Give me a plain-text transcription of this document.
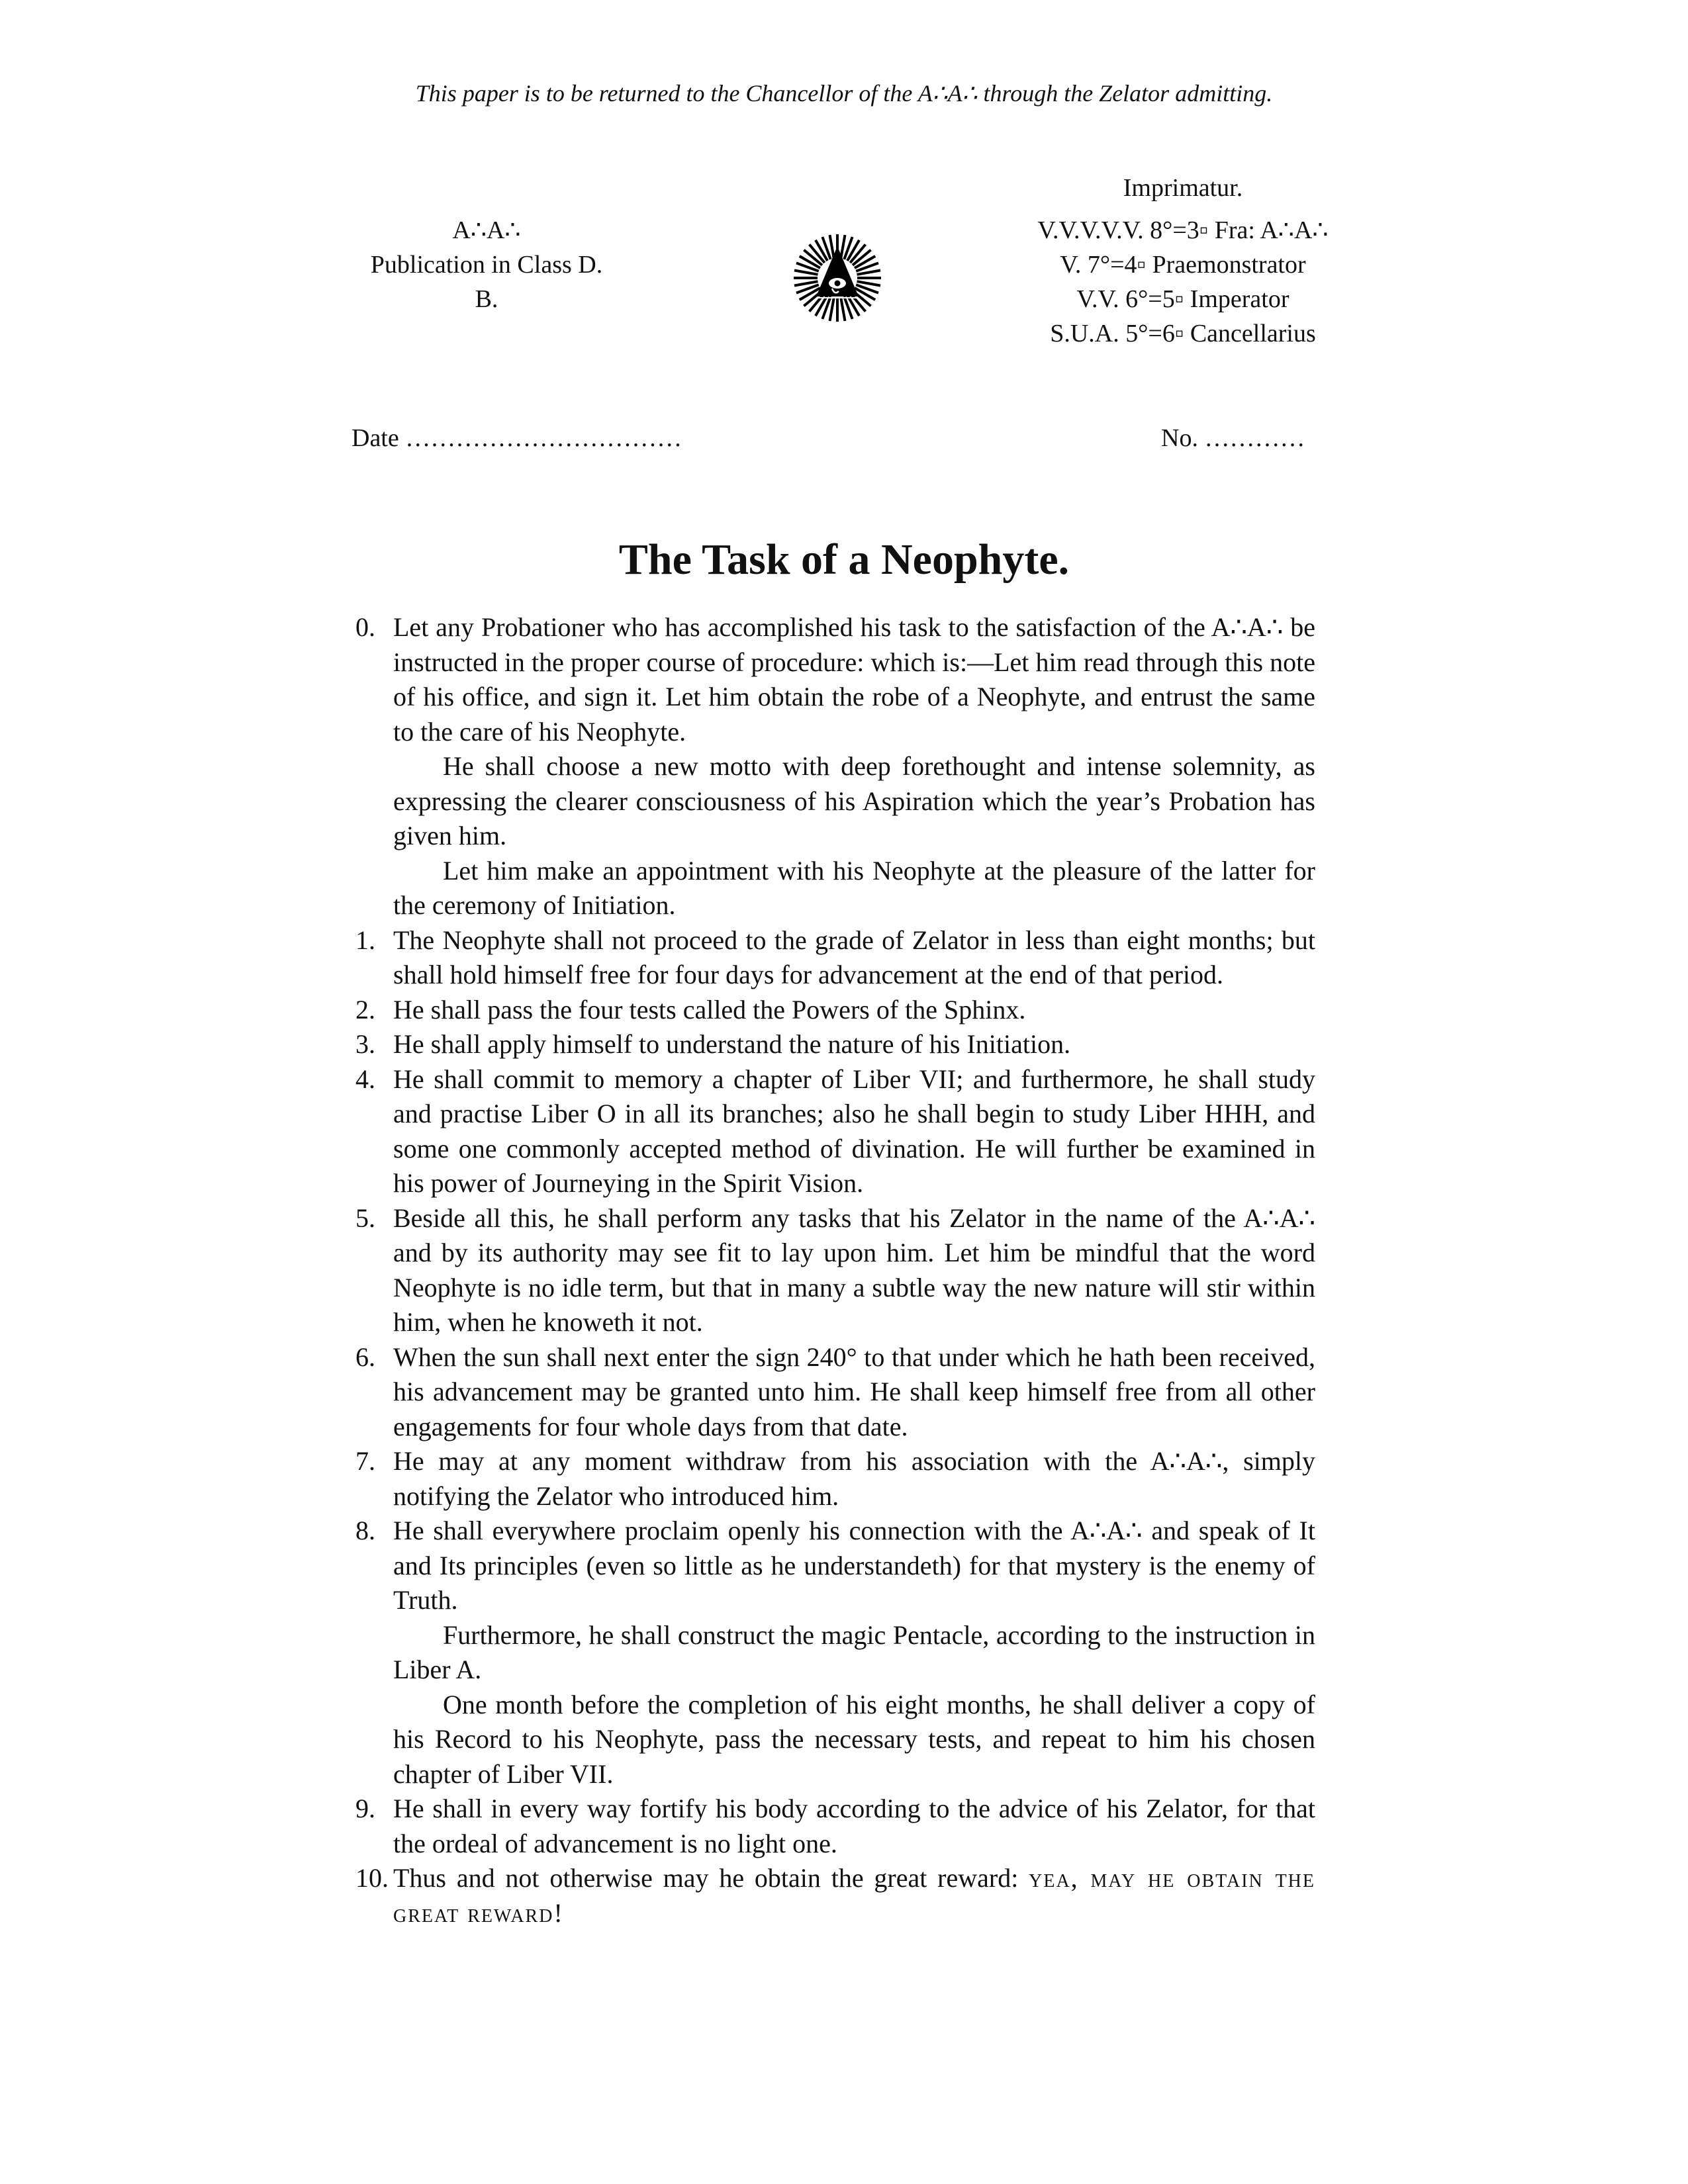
This paper is to be returned to the Chancellor of the A∴A∴ through the Zelator admitting.
A∴A∴
Publication in Class D.
B.
Imprimatur.
V.V.V.V.V. 8°=3▫ Fra: A∴A∴
V. 7°=4▫ Praemonstrator
V.V. 6°=5▫ Imperator
S.U.A. 5°=6▫ Cancellarius
Date ……………………………	No. …………
The Task of a Neophyte.
0. Let any Probationer who has accomplished his task to the satisfaction of the A∴A∴ be instructed in the proper course of procedure: which is:—Let him read through this note of his office, and sign it. Let him obtain the robe of a Neophyte, and entrust the same to the care of his Neophyte.

He shall choose a new motto with deep forethought and intense solemnity, as expressing the clearer consciousness of his Aspiration which the year’s Probation has given him.

Let him make an appointment with his Neophyte at the pleasure of the latter for the ceremony of Initiation.

1. The Neophyte shall not proceed to the grade of Zelator in less than eight months; but shall hold himself free for four days for advancement at the end of that period.

2. He shall pass the four tests called the Powers of the Sphinx.

3. He shall apply himself to understand the nature of his Initiation.

4. He shall commit to memory a chapter of Liber VII; and furthermore, he shall study and practise Liber O in all its branches; also he shall begin to study Liber HHH, and some one commonly accepted method of divination. He will further be examined in his power of Journeying in the Spirit Vision.

5. Beside all this, he shall perform any tasks that his Zelator in the name of the A∴A∴ and by its authority may see fit to lay upon him. Let him be mindful that the word Neophyte is no idle term, but that in many a subtle way the new nature will stir within him, when he knoweth it not.

6. When the sun shall next enter the sign 240° to that under which he hath been received, his advancement may be granted unto him. He shall keep himself free from all other engagements for four whole days from that date.

7. He may at any moment withdraw from his association with the A∴A∴, simply notifying the Zelator who introduced him.

8. He shall everywhere proclaim openly his connection with the A∴A∴ and speak of It and Its principles (even so little as he understandeth) for that mystery is the enemy of Truth.

Furthermore, he shall construct the magic Pentacle, according to the instruction in Liber A.

One month before the completion of his eight months, he shall deliver a copy of his Record to his Neophyte, pass the necessary tests, and repeat to him his chosen chapter of Liber VII.

9. He shall in every way fortify his body according to the advice of his Zelator, for that the ordeal of advancement is no light one.

10. Thus and not otherwise may he obtain the great reward: yea, may he obtain the great reward!
